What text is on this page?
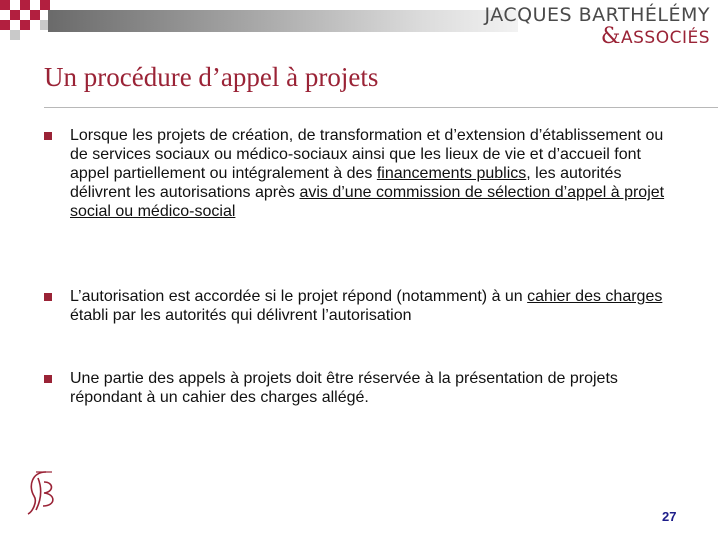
JACQUES BARTHÉLÉMY
&ASSOCIÉS
Un procédure d’appel à projets
Lorsque les projets de création, de transformation et d’extension d’établissement ou de services sociaux ou médico-sociaux ainsi que les lieux de vie et d’accueil font appel partiellement ou intégralement à des financements publics, les autorités délivrent les autorisations après avis d’une commission de sélection d’appel à projet social ou médico-social
L’autorisation est accordée si le projet répond (notamment) à un cahier des charges établi par les autorités qui délivrent l’autorisation
Une partie des appels à projets doit être réservée à la présentation de projets répondant à un cahier des charges allégé.
27
